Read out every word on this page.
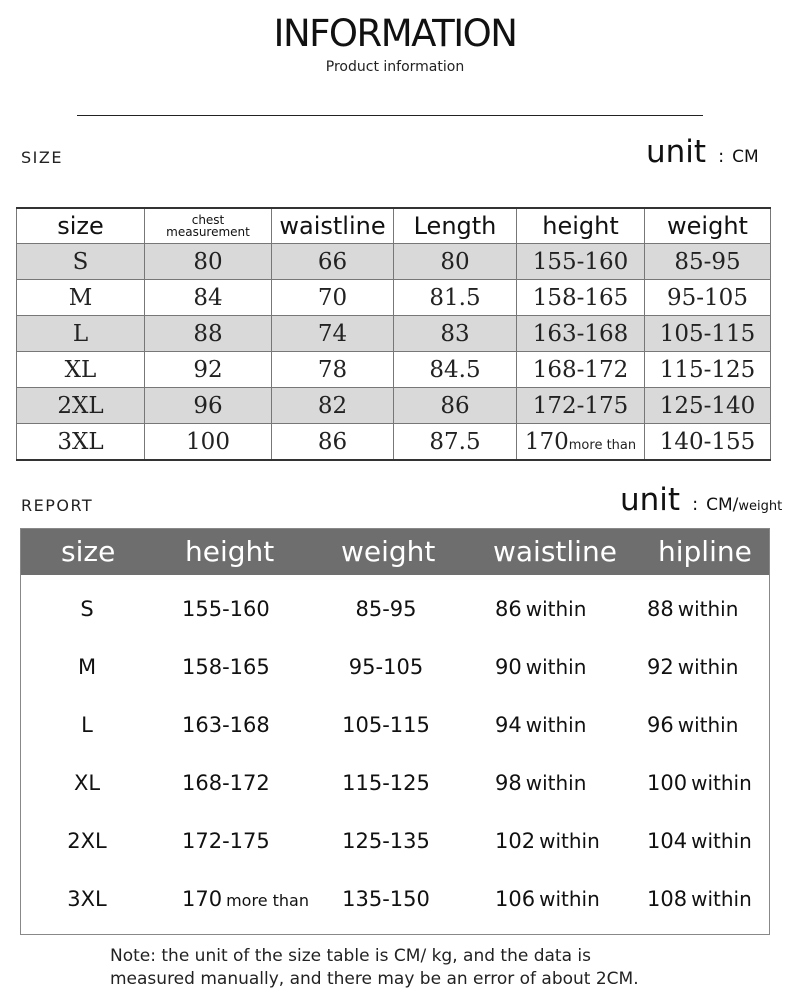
INFORMATION
Product information
SIZE	unit : CM
size	chest measurement	waistline	Length	height	weight
S	80	66	80	155-160	85-95
M	84	70	81.5	158-165	95-105
L	88	74	83	163-168	105-115
XL	92	78	84.5	168-172	115-125
2XL	96	82	86	172-175	125-140
3XL	100	86	87.5	170more than	140-155
REPORT	unit : CM/weight
size height weight waistline hipline
S	155-160	85-95	86 within	88 within
M	158-165	95-105	90 within	92 within
L	163-168	105-115	94 within	96 within
XL	168-172	115-125	98 within	100 within
2XL	172-175	125-135	102 within 104 within
3XL	170 more than	135-150	106 within 108 within
Note: the unit of the size table is CM/ kg, and the data is
measured manually, and there may be an error of about 2CM.
